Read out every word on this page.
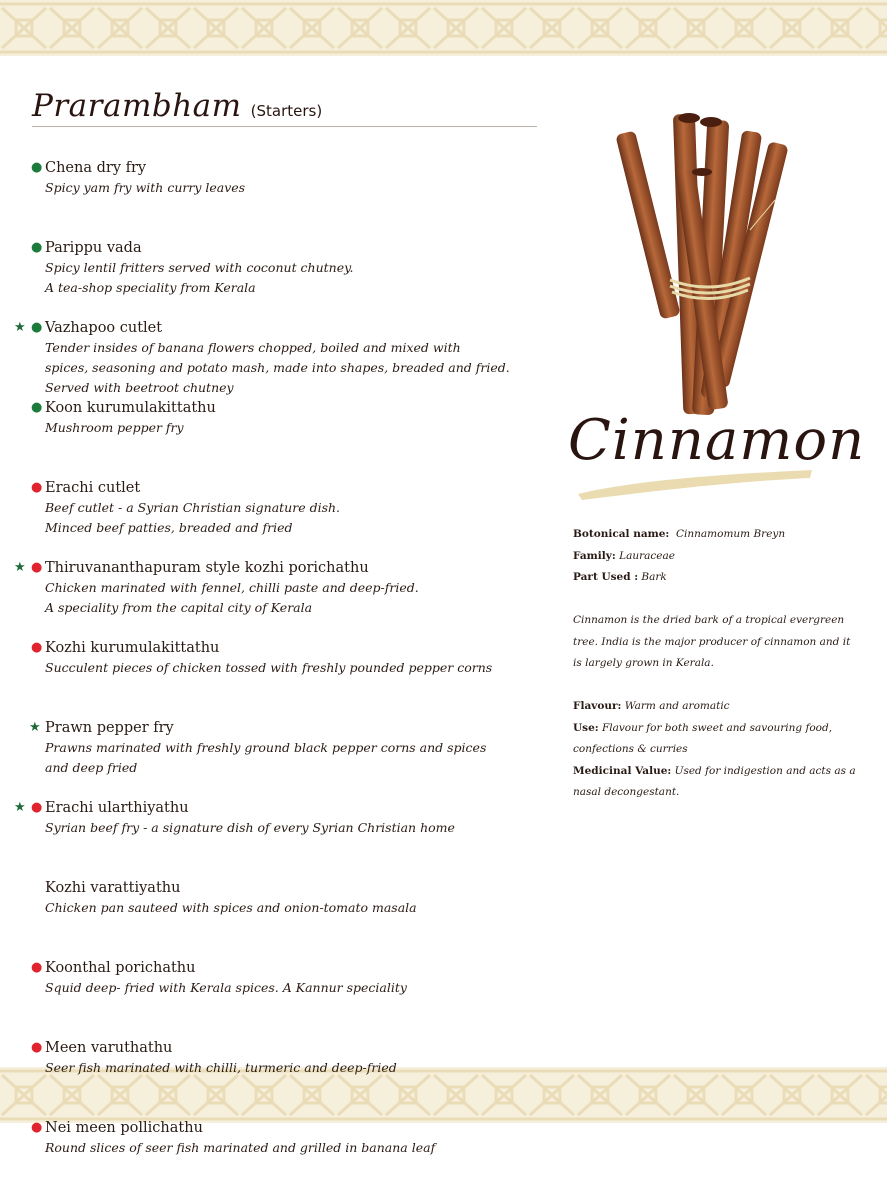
Prarambham (Starters)
● Chena dry fry
Spicy yam fry with curry leaves
● Parippu vada
Spicy lentil fritters served with coconut chutney.
A tea-shop speciality from Kerala
★ ● Vazhapoo cutlet
Tender insides of banana flowers chopped, boiled and mixed with
spices, seasoning and potato mash, made into shapes, breaded and fried.
Served with beetroot chutney
● Koon kurumulakittathu
Mushroom pepper fry
● Erachi cutlet
Beef cutlet - a Syrian Christian signature dish.
Minced beef patties, breaded and fried
★ ● Thiruvananthapuram style kozhi porichathu
Chicken marinated with fennel, chilli paste and deep-fried.
A speciality from the capital city of Kerala
● Kozhi kurumulakittathu
Succulent pieces of chicken tossed with freshly pounded pepper corns
★ Prawn pepper fry
Prawns marinated with freshly ground black pepper corns and spices
and deep fried
★ ● Erachi ularthiyathu
Syrian beef fry - a signature dish of every Syrian Christian home
Kozhi varattiyathu
Chicken pan sauteed with spices and onion-tomato masala
● Koonthal porichathu
Squid deep- fried with Kerala spices. A Kannur speciality
● Meen varuthathu
Seer fish marinated with chilli, turmeric and deep-fried
● Nei meen pollichathu
Round slices of seer fish marinated and grilled in banana leaf
Cinnamon
Botonical name: Cinnamomum Breyn
Family: Lauraceae
Part Used : Bark
Cinnamon is the dried bark of a tropical evergreen
tree. India is the major producer of cinnamon and it
is largely grown in Kerala.
Flavour: Warm and aromatic
Use: Flavour for both sweet and savouring food,
confections & curries
Medicinal Value: Used for indigestion and acts as a
nasal decongestant.
